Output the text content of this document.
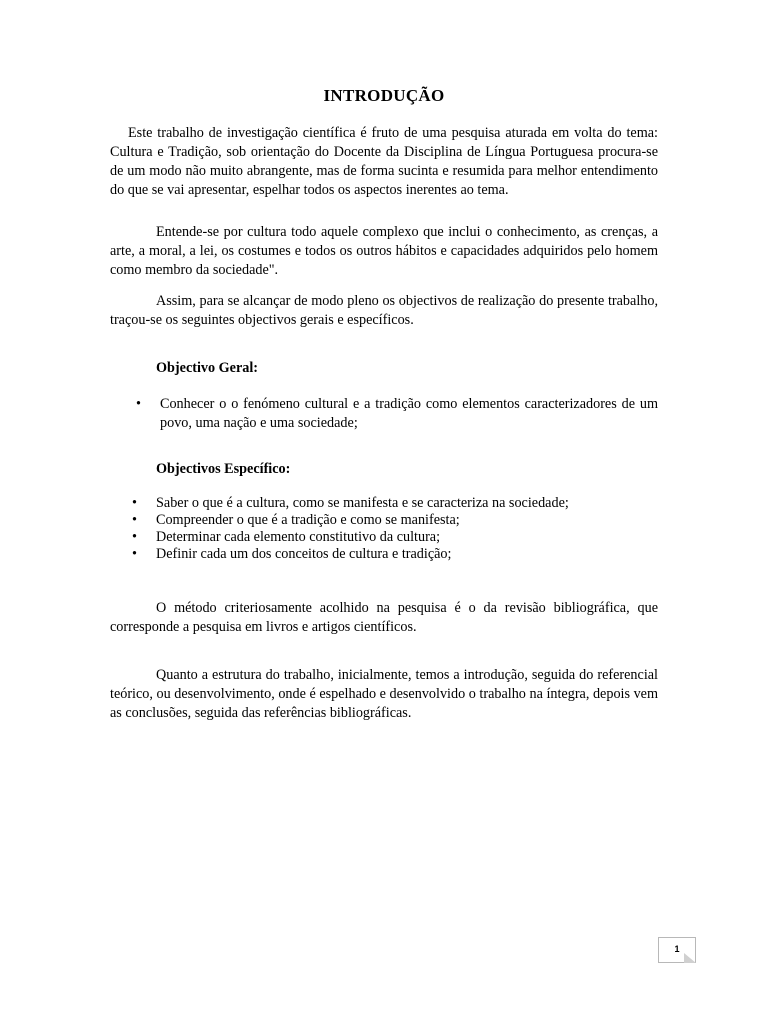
INTRODUÇÃO

Este trabalho de investigação científica é fruto de uma pesquisa aturada em volta do tema: Cultura e Tradição, sob orientação do Docente da Disciplina de Língua Portuguesa procura-se de um modo não muito abrangente, mas de forma sucinta e resumida para melhor entendimento do que se vai apresentar, espelhar todos os aspectos inerentes ao tema.

Entende-se por cultura todo aquele complexo que inclui o conhecimento, as crenças, a arte, a moral, a lei, os costumes e todos os outros hábitos e capacidades adquiridos pelo homem como membro da sociedade".

Assim, para se alcançar de modo pleno os objectivos de realização do presente trabalho, traçou-se os seguintes objectivos gerais e específicos.

Objectivo Geral:

• Conhecer o o fenómeno cultural e a tradição como elementos caracterizadores de um povo, uma nação e uma sociedade;

Objectivos Específico:

• Saber o que é a cultura, como se manifesta e se caracteriza na sociedade;
• Compreender o que é a tradição e como se manifesta;
• Determinar cada elemento constitutivo da cultura;
• Definir cada um dos conceitos de cultura e tradição;

O método criteriosamente acolhido na pesquisa é o da revisão bibliográfica, que corresponde a pesquisa em livros e artigos científicos.

Quanto a estrutura do trabalho, inicialmente, temos a introdução, seguida do referencial teórico, ou desenvolvimento, onde é espelhado e desenvolvido o trabalho na íntegra, depois vem as conclusões, seguida das referências bibliográficas.

1
